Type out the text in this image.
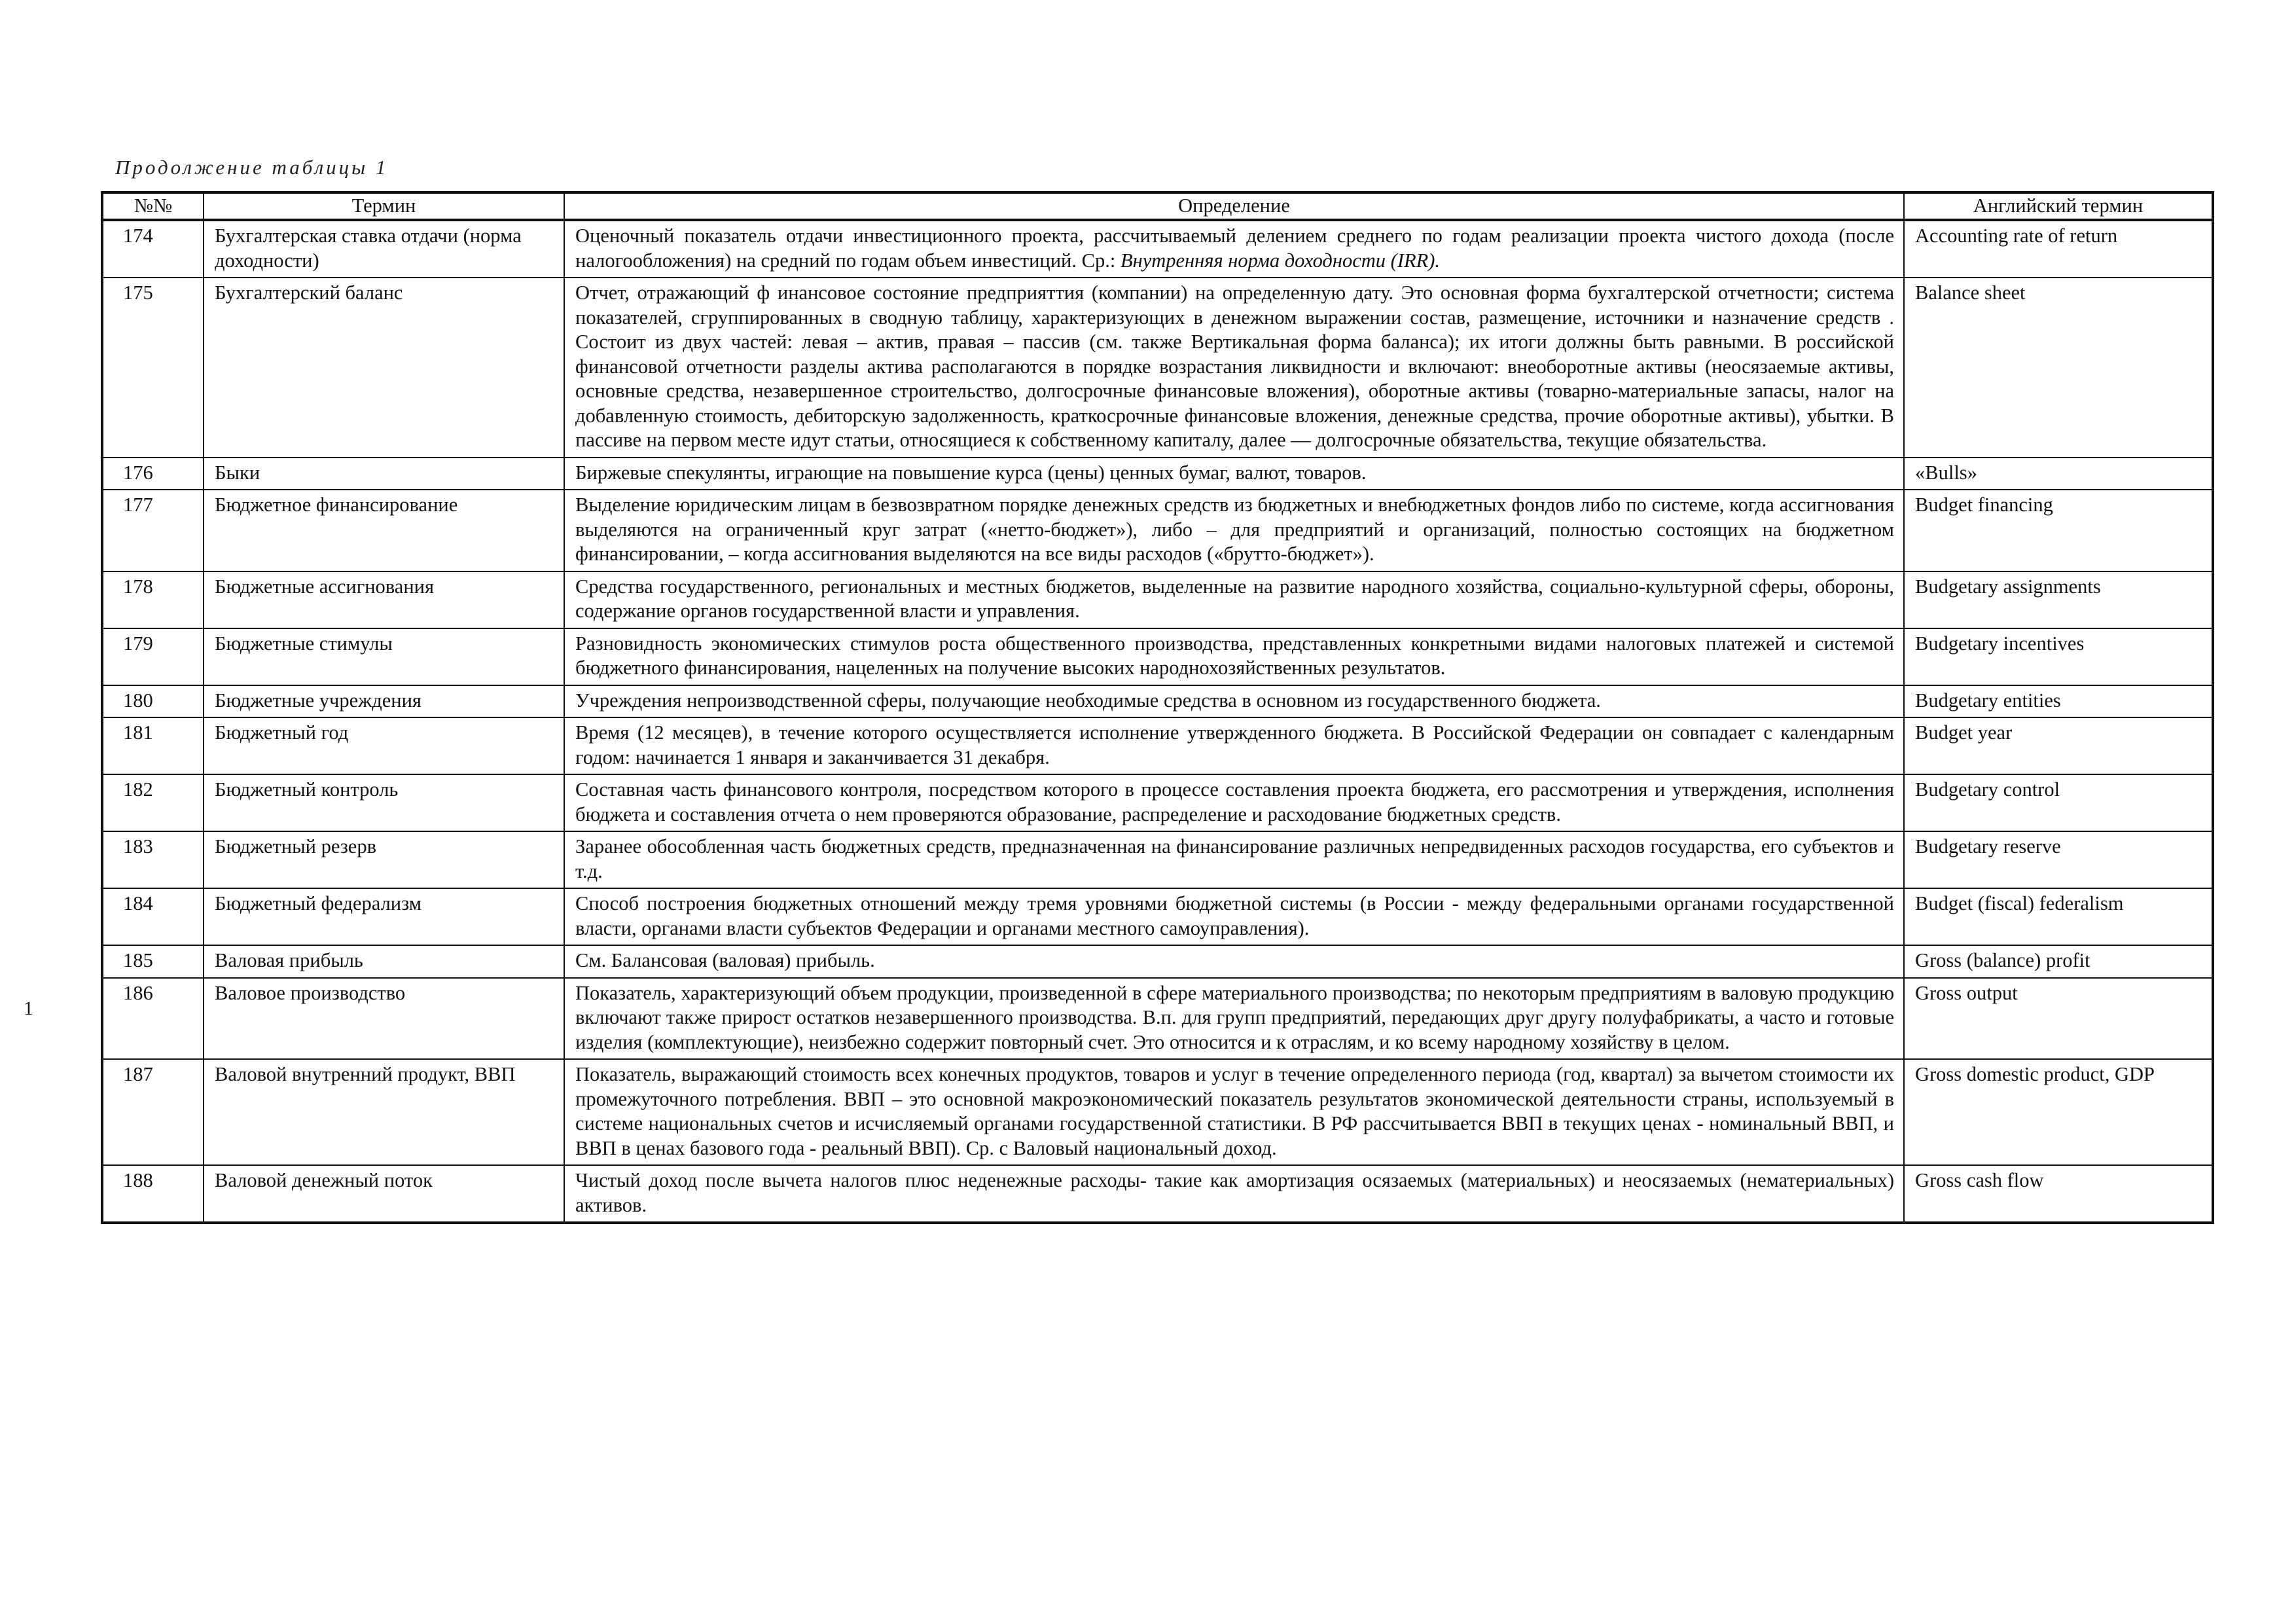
Продолжение таблицы 1
1
№№	Термин	Определение	Английский термин
174	Бухгалтерская ставка отдачи (норма доходности)	Оценочный показатель отдачи инвестиционного проекта, рассчитываемый делением среднего по годам реализации проекта чистого дохода (после налогообложения) на средний по годам объем инвестиций. Ср.: Внутренняя норма доходности (IRR).	Accounting rate of return
175	Бухгалтерский баланс	Отчет, отражающий ф инансовое состояние предприяттия (компании) на определенную дату. Это основная форма бухгалтерской отчетности; система показателей, сгруппированных в сводную таблицу, характеризующих в денежном выражении состав, размещение, источники и назначение средств . Состоит из двух частей: левая – актив, правая – пассив (см. также Вертикальная форма баланса); их итоги должны быть равными. В российской финансовой отчетности разделы актива располагаются в порядке возрастания ликвидности и включают: внеоборотные активы (неосязаемые активы, основные средства, незавершенное строительство, долгосрочные финансовые вложения), оборотные активы (товарно-материальные запасы, налог на добавленную стоимость, дебиторскую задолженность, краткосрочные финансовые вложения, денежные средства, прочие оборотные активы), убытки. В пассиве на первом месте идут статьи, относящиеся к собственному капиталу, далее — долгосрочные обязательства, текущие обязательства.	Balance sheet
176	Быки	Биржевые спекулянты, играющие на повышение курса (цены) ценных бумаг, валют, товаров.	«Bulls»
177	Бюджетное финансирование	Выделение юридическим лицам в безвозвратном порядке денежных средств из бюджетных и внебюджетных фондов либо по системе, когда ассигнования выделяются на ограниченный круг затрат («нетто-бюджет»), либо – для предприятий и организаций, полностью состоящих на бюджетном финансировании, – когда ассигнования выделяются на все виды расходов («брутто-бюджет»).	Budget financing
178	Бюджетные ассигнования	Средства государственного, региональных и местных бюджетов, выделенные на развитие народного хозяйства, социально-культурной сферы, обороны, содержание органов государственной власти и управления.	Budgetary assignments
179	Бюджетные стимулы	Разновидность экономических стимулов роста общественного производства, представленных конкретными видами налоговых платежей и системой бюджетного финансирования, нацеленных на получение высоких народнохозяйственных результатов.	Budgetary incentives
180	Бюджетные учреждения	Учреждения непроизводственной сферы, получающие необходимые средства в основном из государственного бюджета.	Budgetary entities
181	Бюджетный год	Время (12 месяцев), в течение которого осуществляется исполнение утвержденного бюджета. В Российской Федерации он совпадает с календарным годом: начинается 1 января и заканчивается 31 декабря.	Budget year
182	Бюджетный контроль	Составная часть финансового контроля, посредством которого в процессе составления проекта бюджета, его рассмотрения и утверждения, исполнения бюджета и составления отчета о нем проверяются образование, распределение и расходование бюджетных средств.	Budgetary control
183	Бюджетный резерв	Заранее обособленная часть бюджетных средств, предназначенная на финансирование различных непредвиденных расходов государства, его субъектов и т.д.	Budgetary reserve
184	Бюджетный федерализм	Способ построения бюджетных отношений между тремя уровнями бюджетной системы (в России - между федеральными органами государственной власти, органами власти субъектов Федерации и органами местного самоуправления).	Budget (fiscal) federalism
185	Валовая прибыль	См. Балансовая (валовая) прибыль.	Gross (balance) profit
186	Валовое производство	Показатель, характеризующий объем продукции, произведенной в сфере материального производства; по некоторым предприятиям в валовую продукцию включают также прирост остатков незавершенного производства. В.п. для групп предприятий, передающих друг другу полуфабрикаты, а часто и готовые изделия (комплектующие), неизбежно содержит повторный счет. Это относится и к отраслям, и ко всему народному хозяйству в целом.	Gross output
187	Валовой внутренний продукт, ВВП	Показатель, выражающий стоимость всех конечных продуктов, товаров и услуг в течение определенного периода (год, квартал) за вычетом стоимости их промежуточного потребления. ВВП – это основной макроэкономический показатель результатов экономической деятельности страны, используемый в системе национальных счетов и исчисляемый органами государственной статистики. В РФ рассчитывается ВВП в текущих ценах - номинальный ВВП, и ВВП в ценах базового года - реальный ВВП). Ср. с Валовый национальный доход.	Gross domestic product, GDP
188	Валовой денежный поток	Чистый доход после вычета налогов плюс неденежные расходы- такие как амортизация осязаемых (материальных) и неосязаемых (нематериальных) активов.	Gross cash flow
